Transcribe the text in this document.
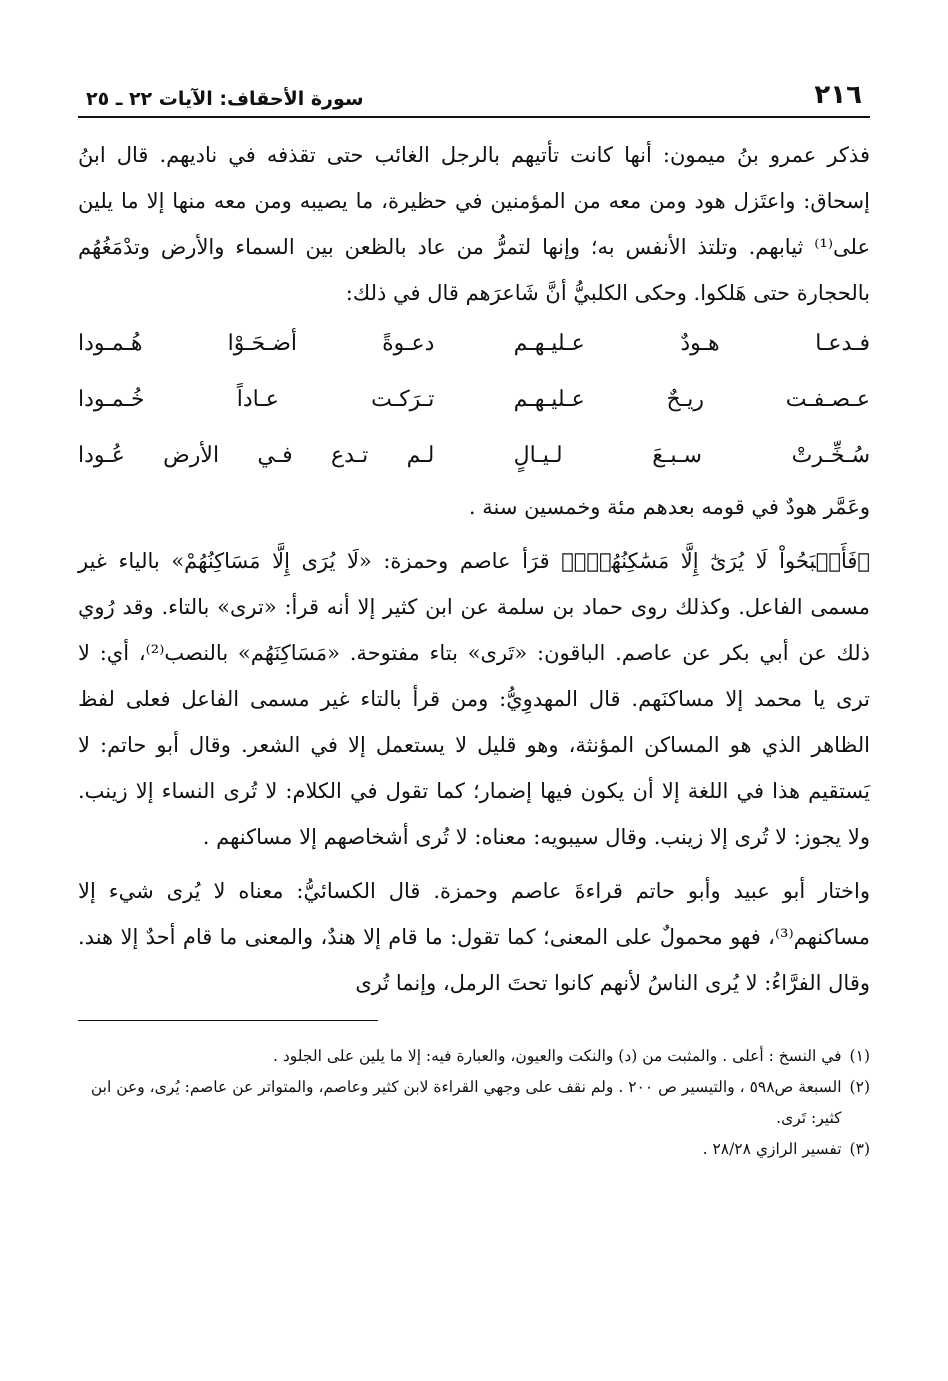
٢١٦
سورة الأحقاف: الآيات ٢٢ ـ ٢٥

فذكر عمرو بنُ ميمون: أنها كانت تأتيهم بالرجل الغائب حتى تقذفه في ناديهم. قال ابنُ إسحاق: واعتَزل هود ومن معه من المؤمنين في حظيرة، ما يصيبه ومن معه منها إلا ما يلين على⁽¹⁾ ثيابهم. وتلتذ الأنفس به؛ وإنها لتمرُّ من عاد بالظعن بين السماء والأرض وتدْمَغُهُم بالحجارة حتى هَلكوا. وحكى الكلبيُّ أنَّ شَاعرَهم قال في ذلك:

فـدعـا هـودٌ عـليـهـم
دعـوةً أضـحَـوْا هُـمـودا
عـصـفـت ريـحٌ عـليـهـم
تـرَكـت عـاداً خُـمـودا
سُـخِّـرتْ سـبـعَ لـيـالٍ
لـم تـدع فـي الأرض عُـودا

وعَمَّر هودٌ في قومه بعدهم مئة وخمسين سنة .

﴿فَأَصۡبَحُواْ لَا يُرَىٰٓ إِلَّا مَسَٰكِنُهُمۡۚ﴾ قرَأ عاصم وحمزة: «لَا يُرَى إِلَّا مَسَاكِنُهُمْ» بالياء غير مسمى الفاعل. وكذلك روى حماد بن سلمة عن ابن كثير إلا أنه قرأ: «ترى» بالتاء. وقد رُوي ذلك عن أبي بكر عن عاصم. الباقون: «تَرى» بتاء مفتوحة. «مَسَاكِنَهُم» بالنصب⁽²⁾، أي: لا ترى يا محمد إلا مساكنَهم. قال المهدوِيُّ: ومن قرأ بالتاء غير مسمى الفاعل فعلى لفظ الظاهر الذي هو المساكن المؤنثة، وهو قليل لا يستعمل إلا في الشعر. وقال أبو حاتم: لا يَستقيم هذا في اللغة إلا أن يكون فيها إضمار؛ كما تقول في الكلام: لا تُرى النساء إلا زينب. ولا يجوز: لا تُرى إلا زينب. وقال سيبويه: معناه: لا تُرى أشخاصهم إلا مساكنهم .

واختار أبو عبيد وأبو حاتم قراءةَ عاصم وحمزة. قال الكسائيُّ: معناه لا يُرى شيء إلا مساكنهم⁽³⁾، فهو محمولٌ على المعنى؛ كما تقول: ما قام إلا هندٌ، والمعنى ما قام أحدٌ إلا هند. وقال الفرَّاءُ: لا يُرى الناسُ لأنهم كانوا تحتَ الرمل، وإنما تُرى

(١)
في النسخ : أعلى . والمثبت من (د) والنكت والعيون، والعبارة فيه: إلا ما يلين على الجلود .
(٢)
السبعة ص٥٩٨ ، والتيسير ص ٢٠٠ . ولم نقف على وجهي القراءة لابن كثير وعاصم، والمتواتر عن عاصم: يُرى، وعن ابن كثير: تَرى.
(٣)
تفسير الرازي ٢٨/٢٨ .
